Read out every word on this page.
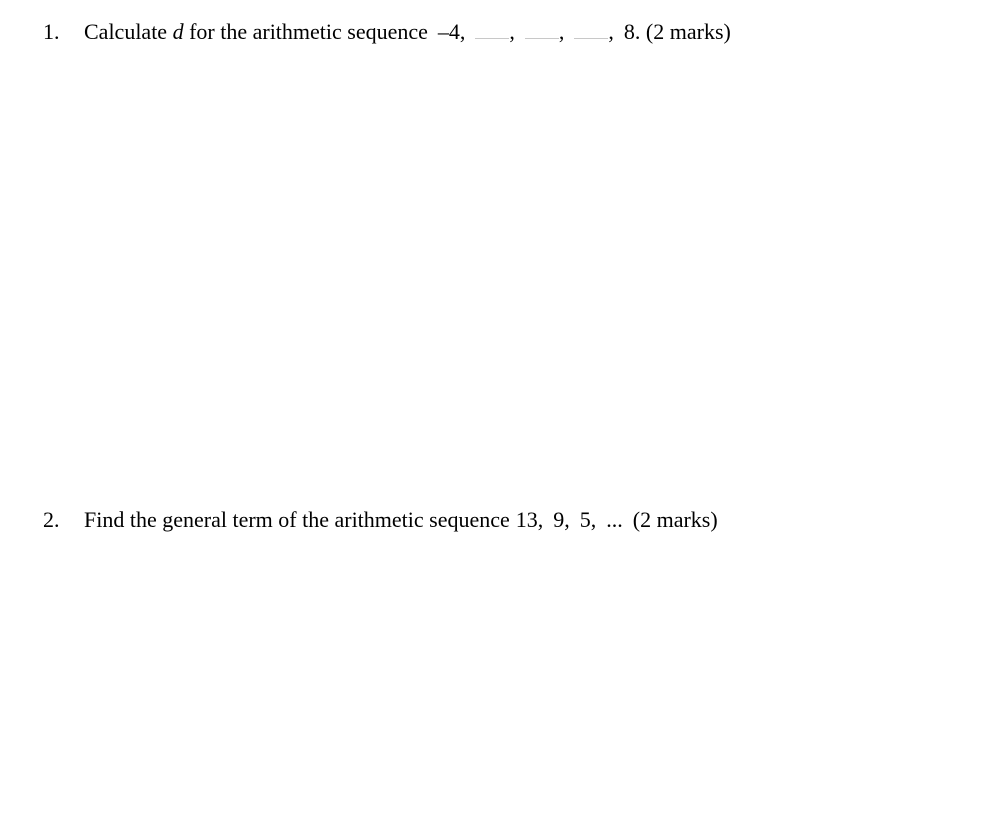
1. Calculate d for the arithmetic sequence –4, , , , 8. (2 marks)
2. Find the general term of the arithmetic sequence 13, 9, 5, ... (2 marks)
